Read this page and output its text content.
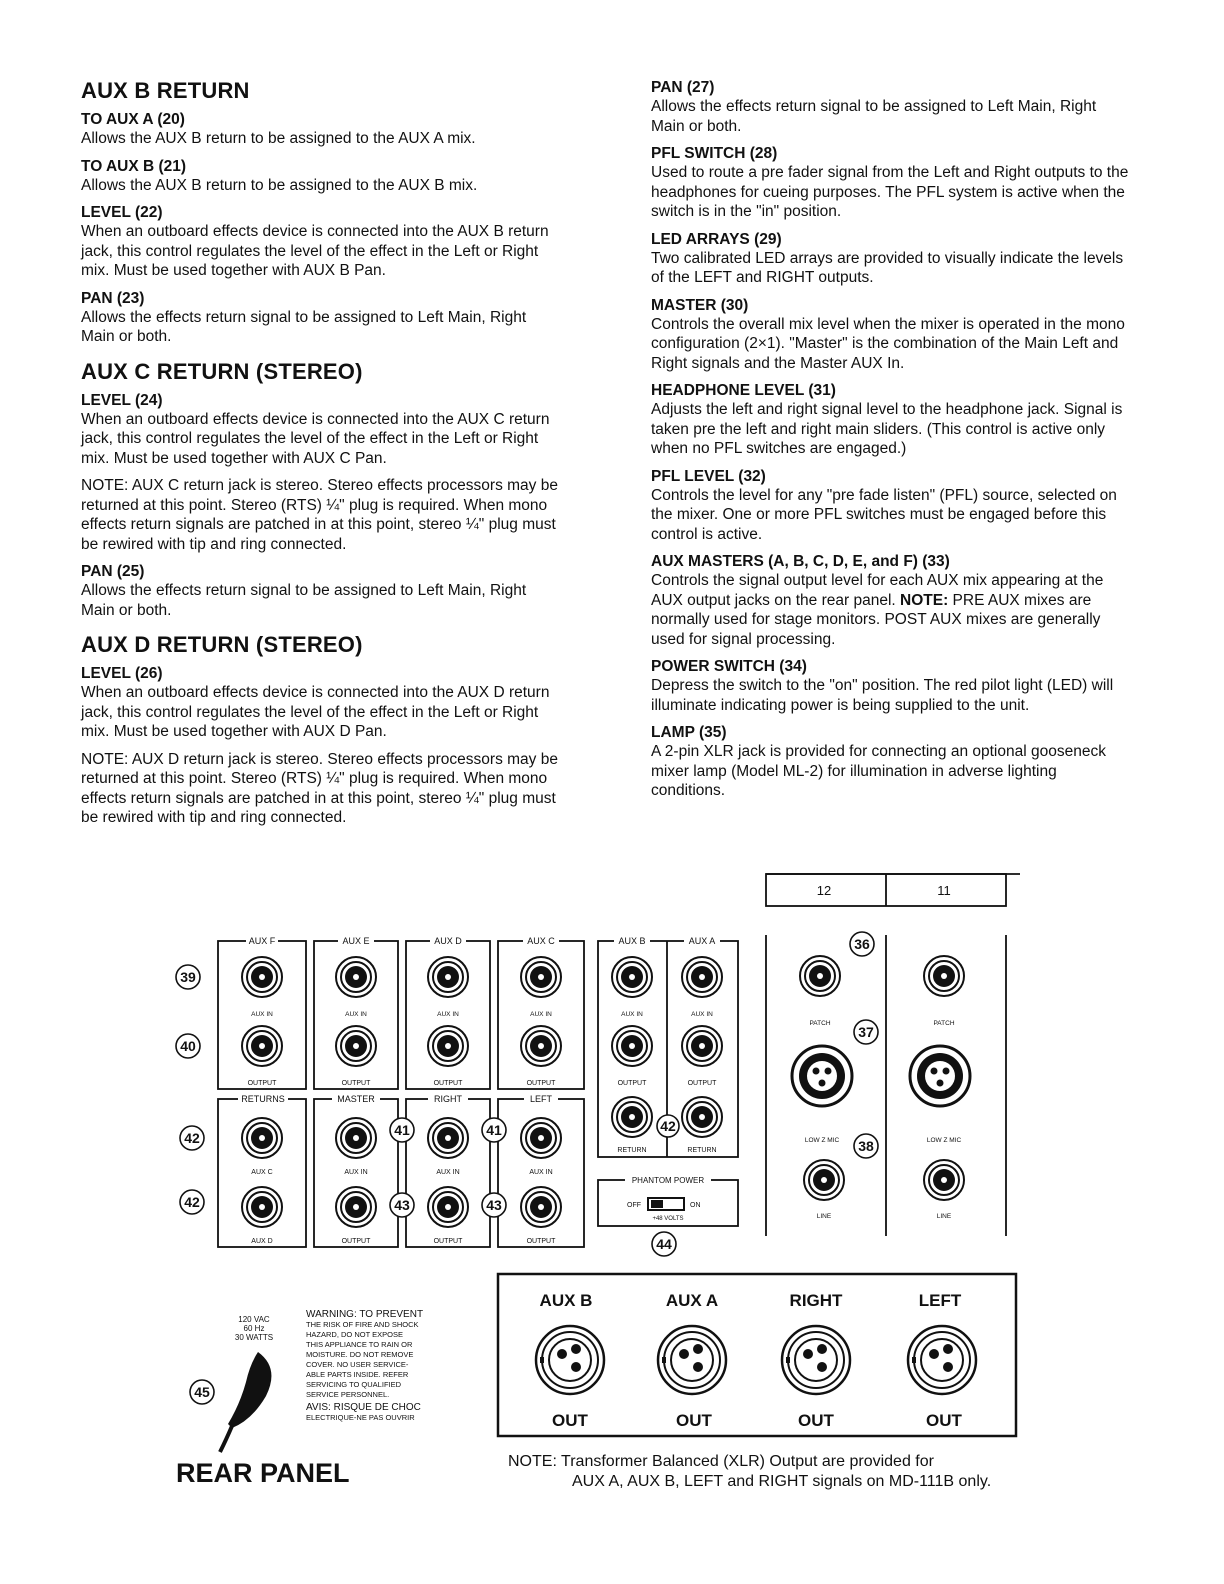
AUX B RETURN
TO AUX A (20)

Allows the AUX B return to be assigned to the AUX A mix.

TO AUX B (21)

Allows the AUX B return to be assigned to the AUX B mix.

LEVEL (22)

When an outboard effects device is connected into the AUX B return jack, this control regulates the level of the effect in the Left or Right mix. Must be used together with AUX B Pan.

PAN (23)

Allows the effects return signal to be assigned to Left Main, Right Main or both.

AUX C RETURN (STEREO)
LEVEL (24)

When an outboard effects device is connected into the AUX C return jack, this control regulates the level of the effect in the Left or Right mix. Must be used together with AUX C Pan.

NOTE: AUX C return jack is stereo. Stereo effects processors may be returned at this point. Stereo (RTS) ¼" plug is required. When mono effects return signals are patched in at this point, stereo ¼" plug must be rewired with tip and ring connected.

PAN (25)

Allows the effects return signal to be assigned to Left Main, Right Main or both.

AUX D RETURN (STEREO)
LEVEL (26)

When an outboard effects device is connected into the AUX D return jack, this control regulates the level of the effect in the Left or Right mix. Must be used together with AUX D Pan.

NOTE: AUX D return jack is stereo. Stereo effects processors may be returned at this point. Stereo (RTS) ¼" plug is required. When mono effects return signals are patched in at this point, stereo ¼" plug must be rewired with tip and ring connected.

PAN (27)

Allows the effects return signal to be assigned to Left Main, Right Main or both.

PFL SWITCH (28)

Used to route a pre fader signal from the Left and Right outputs to the headphones for cueing purposes. The PFL system is active when the switch is in the "in" position.

LED ARRAYS (29)

Two calibrated LED arrays are provided to visually indicate the levels of the LEFT and RIGHT outputs.

MASTER (30)

Controls the overall mix level when the mixer is operated in the mono configuration (2×1). "Master" is the combination of the Main Left and Right signals and the Master AUX In.

HEADPHONE LEVEL (31)

Adjusts the left and right signal level to the headphone jack. Signal is taken pre the left and right main sliders. (This control is active only when no PFL switches are engaged.)

PFL LEVEL (32)

Controls the level for any "pre fade listen" (PFL) source, selected on the mixer. One or more PFL switches must be engaged before this control is active.

AUX MASTERS (A, B, C, D, E, and F) (33)

Controls the signal output level for each AUX mix appearing at the AUX output jacks on the rear panel. NOTE: PRE AUX mixes are normally used for stage monitors. POST AUX mixes are generally used for signal processing.

POWER SWITCH (34)

Depress the switch to the "on" position. The red pilot light (LED) will illuminate indicating power is being supplied to the unit.

LAMP (35)

A 2-pin XLR jack is provided for connecting an optional gooseneck mixer lamp (Model ML-2) for illumination in adverse lighting conditions.

AUX F	AUX E	AUX D	AUX C	AUX B	AUX A
RETURNS	MASTER	RIGHT	LEFT
AUX IN	AUX IN	AUX IN	AUX IN	AUX IN	AUX IN
OUTPUT	OUTPUT	OUTPUT	OUTPUT	OUTPUT	OUTPUT
AUX C	AUX IN	AUX IN	AUX IN
AUX D	OUTPUT	OUTPUT	OUTPUT
RETURN	RETURN
PHANTOM POWER
OFF	ON
+48 VOLTS
12	11
PATCH	PATCH
LOW Z MIC	LOW Z MIC
LINE	LINE
36
37
38
39
40
41	41
42
42
42
43	43
44
45
120 VAC
60 Hz
30 WATTS
WARNING: TO PREVENT
THE RISK OF FIRE AND SHOCK
HAZARD, DO NOT EXPOSE
THIS APPLIANCE TO RAIN OR
MOISTURE. DO NOT REMOVE
COVER. NO USER SERVICE-
ABLE PARTS INSIDE. REFER
SERVICING TO QUALIFIED
SERVICE PERSONNEL.
AVIS: RISQUE DE CHOC
ELECTRIQUE-NE PAS OUVRIR
AUX B	AUX A	RIGHT	LEFT
OUT	OUT	OUT	OUT
REAR PANEL	NOTE: Transformer Balanced (XLR) Output are provided for
AUX A, AUX B, LEFT and RIGHT signals on MD-111B only.
